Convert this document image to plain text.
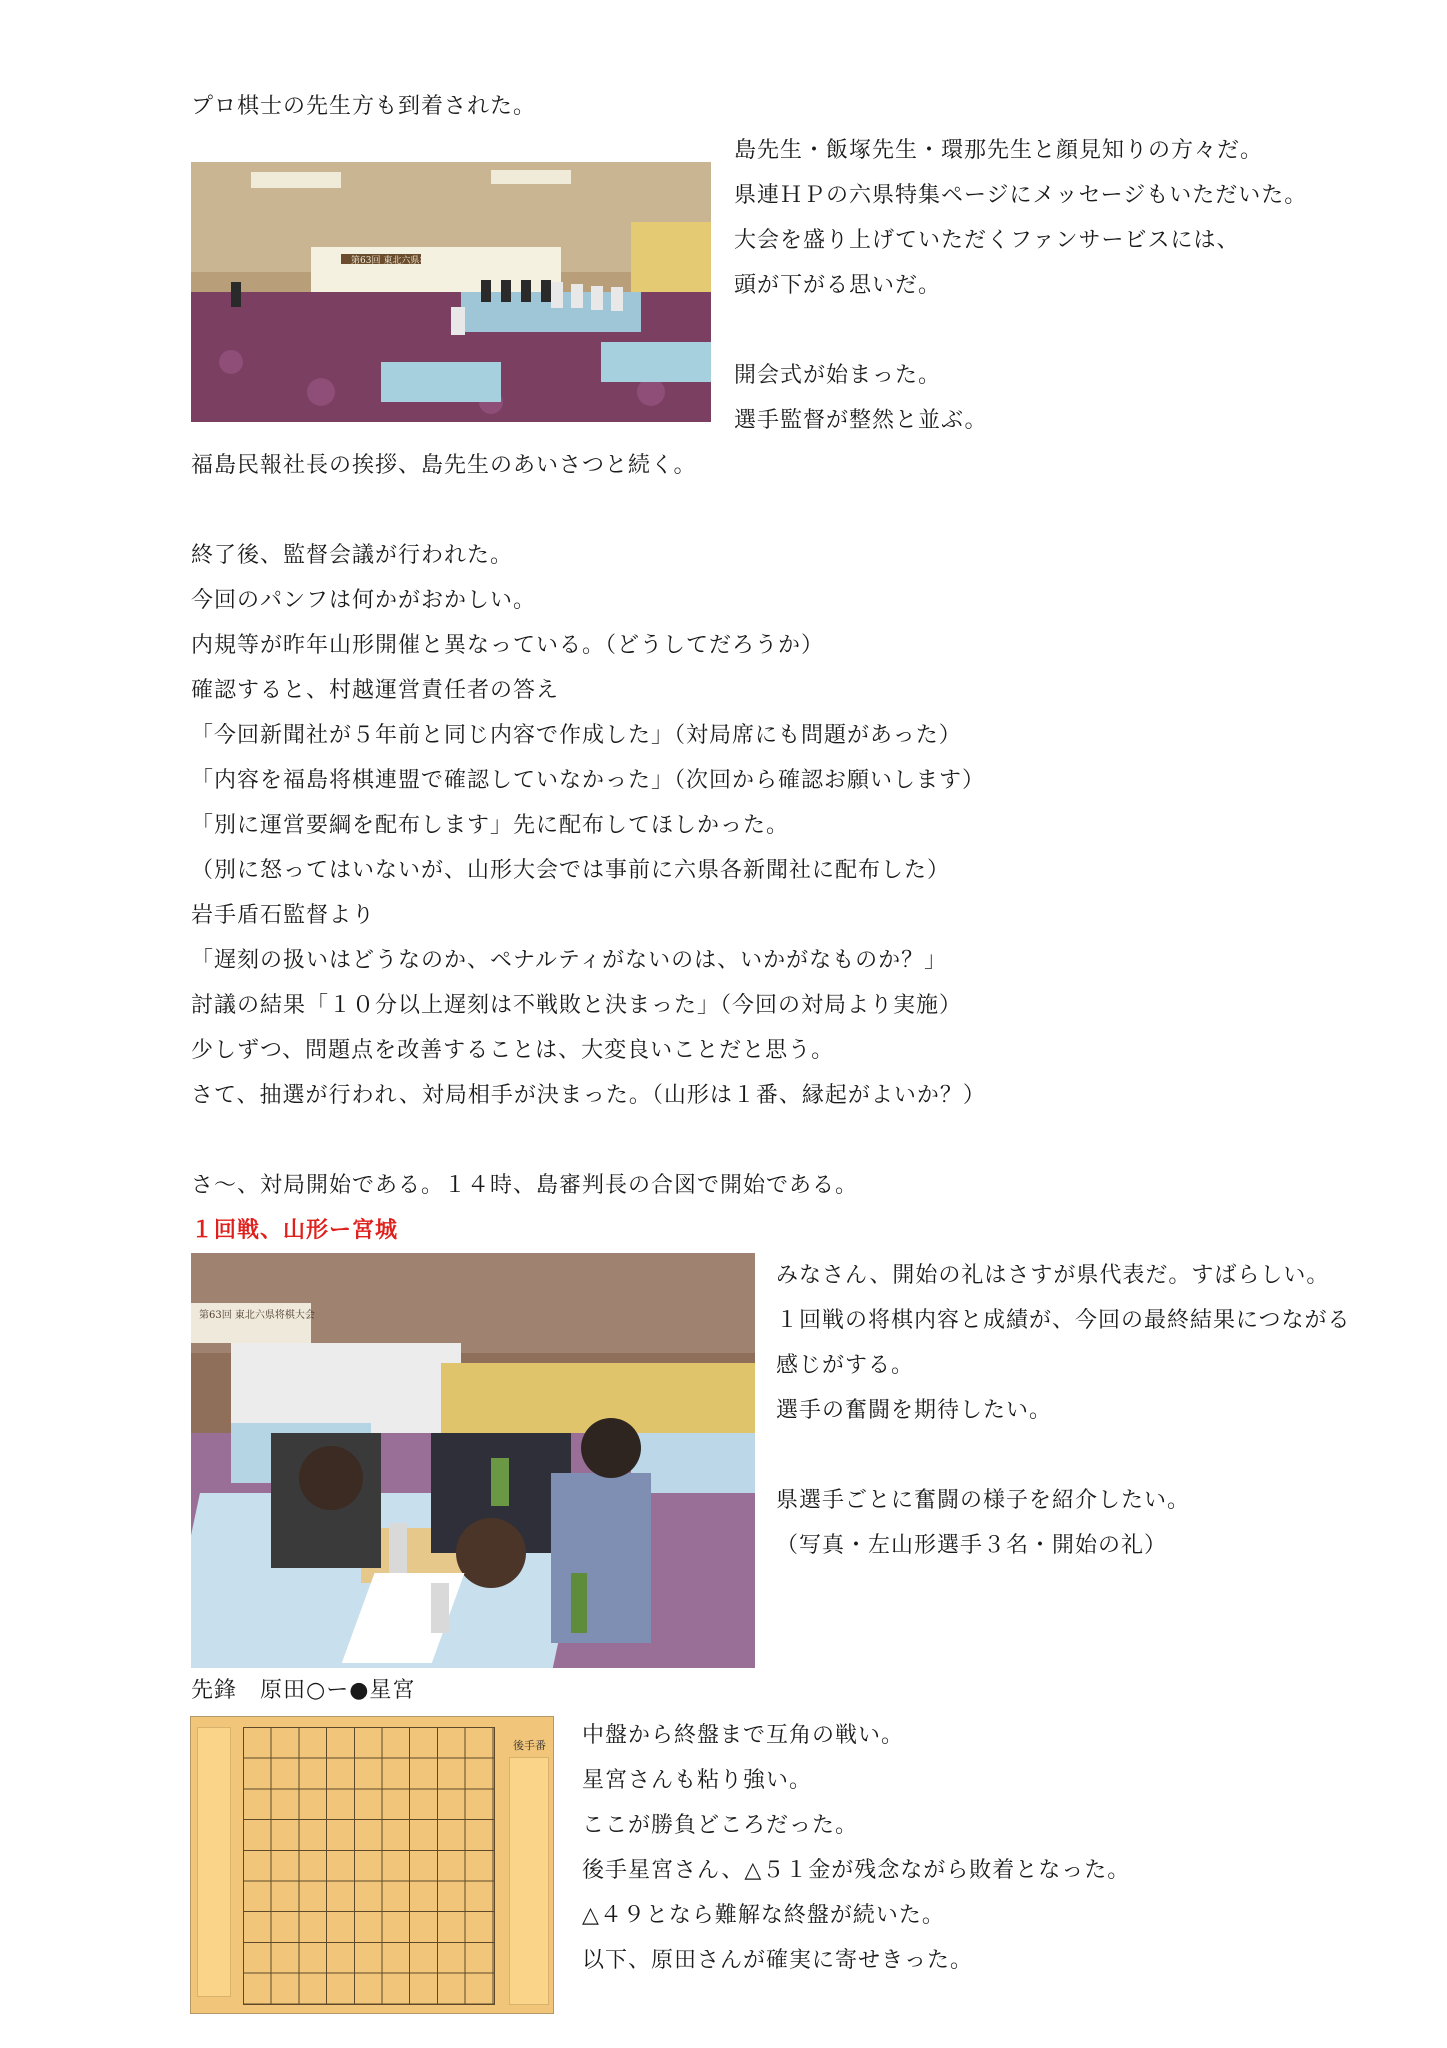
プロ棋士の先生方も到着された。
島先生・飯塚先生・環那先生と顔見知りの方々だ。
県連ＨＰの六県特集ページにメッセージもいただいた。
大会を盛り上げていただくファンサービスには、
頭が下がる思いだ。
開会式が始まった。
選手監督が整然と並ぶ。
福島民報社長の挨拶、島先生のあいさつと続く。
終了後、監督会議が行われた。
今回のパンフは何かがおかしい。
内規等が昨年山形開催と異なっている。（どうしてだろうか）
確認すると、村越運営責任者の答え
「今回新聞社が５年前と同じ内容で作成した」（対局席にも問題があった）
「内容を福島将棋連盟で確認していなかった」（次回から確認お願いします）
「別に運営要綱を配布します」先に配布してほしかった。
（別に怒ってはいないが、山形大会では事前に六県各新聞社に配布した）
岩手盾石監督より
「遅刻の扱いはどうなのか、ペナルティがないのは、いかがなものか？」
討議の結果「１０分以上遅刻は不戦敗と決まった」（今回の対局より実施）
少しずつ、問題点を改善することは、大変良いことだと思う。
さて、抽選が行われ、対局相手が決まった。（山形は１番、縁起がよいか？）
さ～、対局開始である。１４時、島審判長の合図で開始である。
１回戦、山形ー宮城
みなさん、開始の礼はさすが県代表だ。すばらしい。
１回戦の将棋内容と成績が、今回の最終結果につながる
感じがする。
選手の奮闘を期待したい。
県選手ごとに奮闘の様子を紹介したい。
（写真・左山形選手３名・開始の礼）
先鋒　原田○ー●星宮
中盤から終盤まで互角の戦い。
星宮さんも粘り強い。
ここが勝負どころだった。
後手星宮さん、△５１金が残念ながら敗着となった。
△４９となら難解な終盤が続いた。
以下、原田さんが確実に寄せきった。
第63回 東北六県将棋大会
第63回 東北六県将棋大会
後手番
